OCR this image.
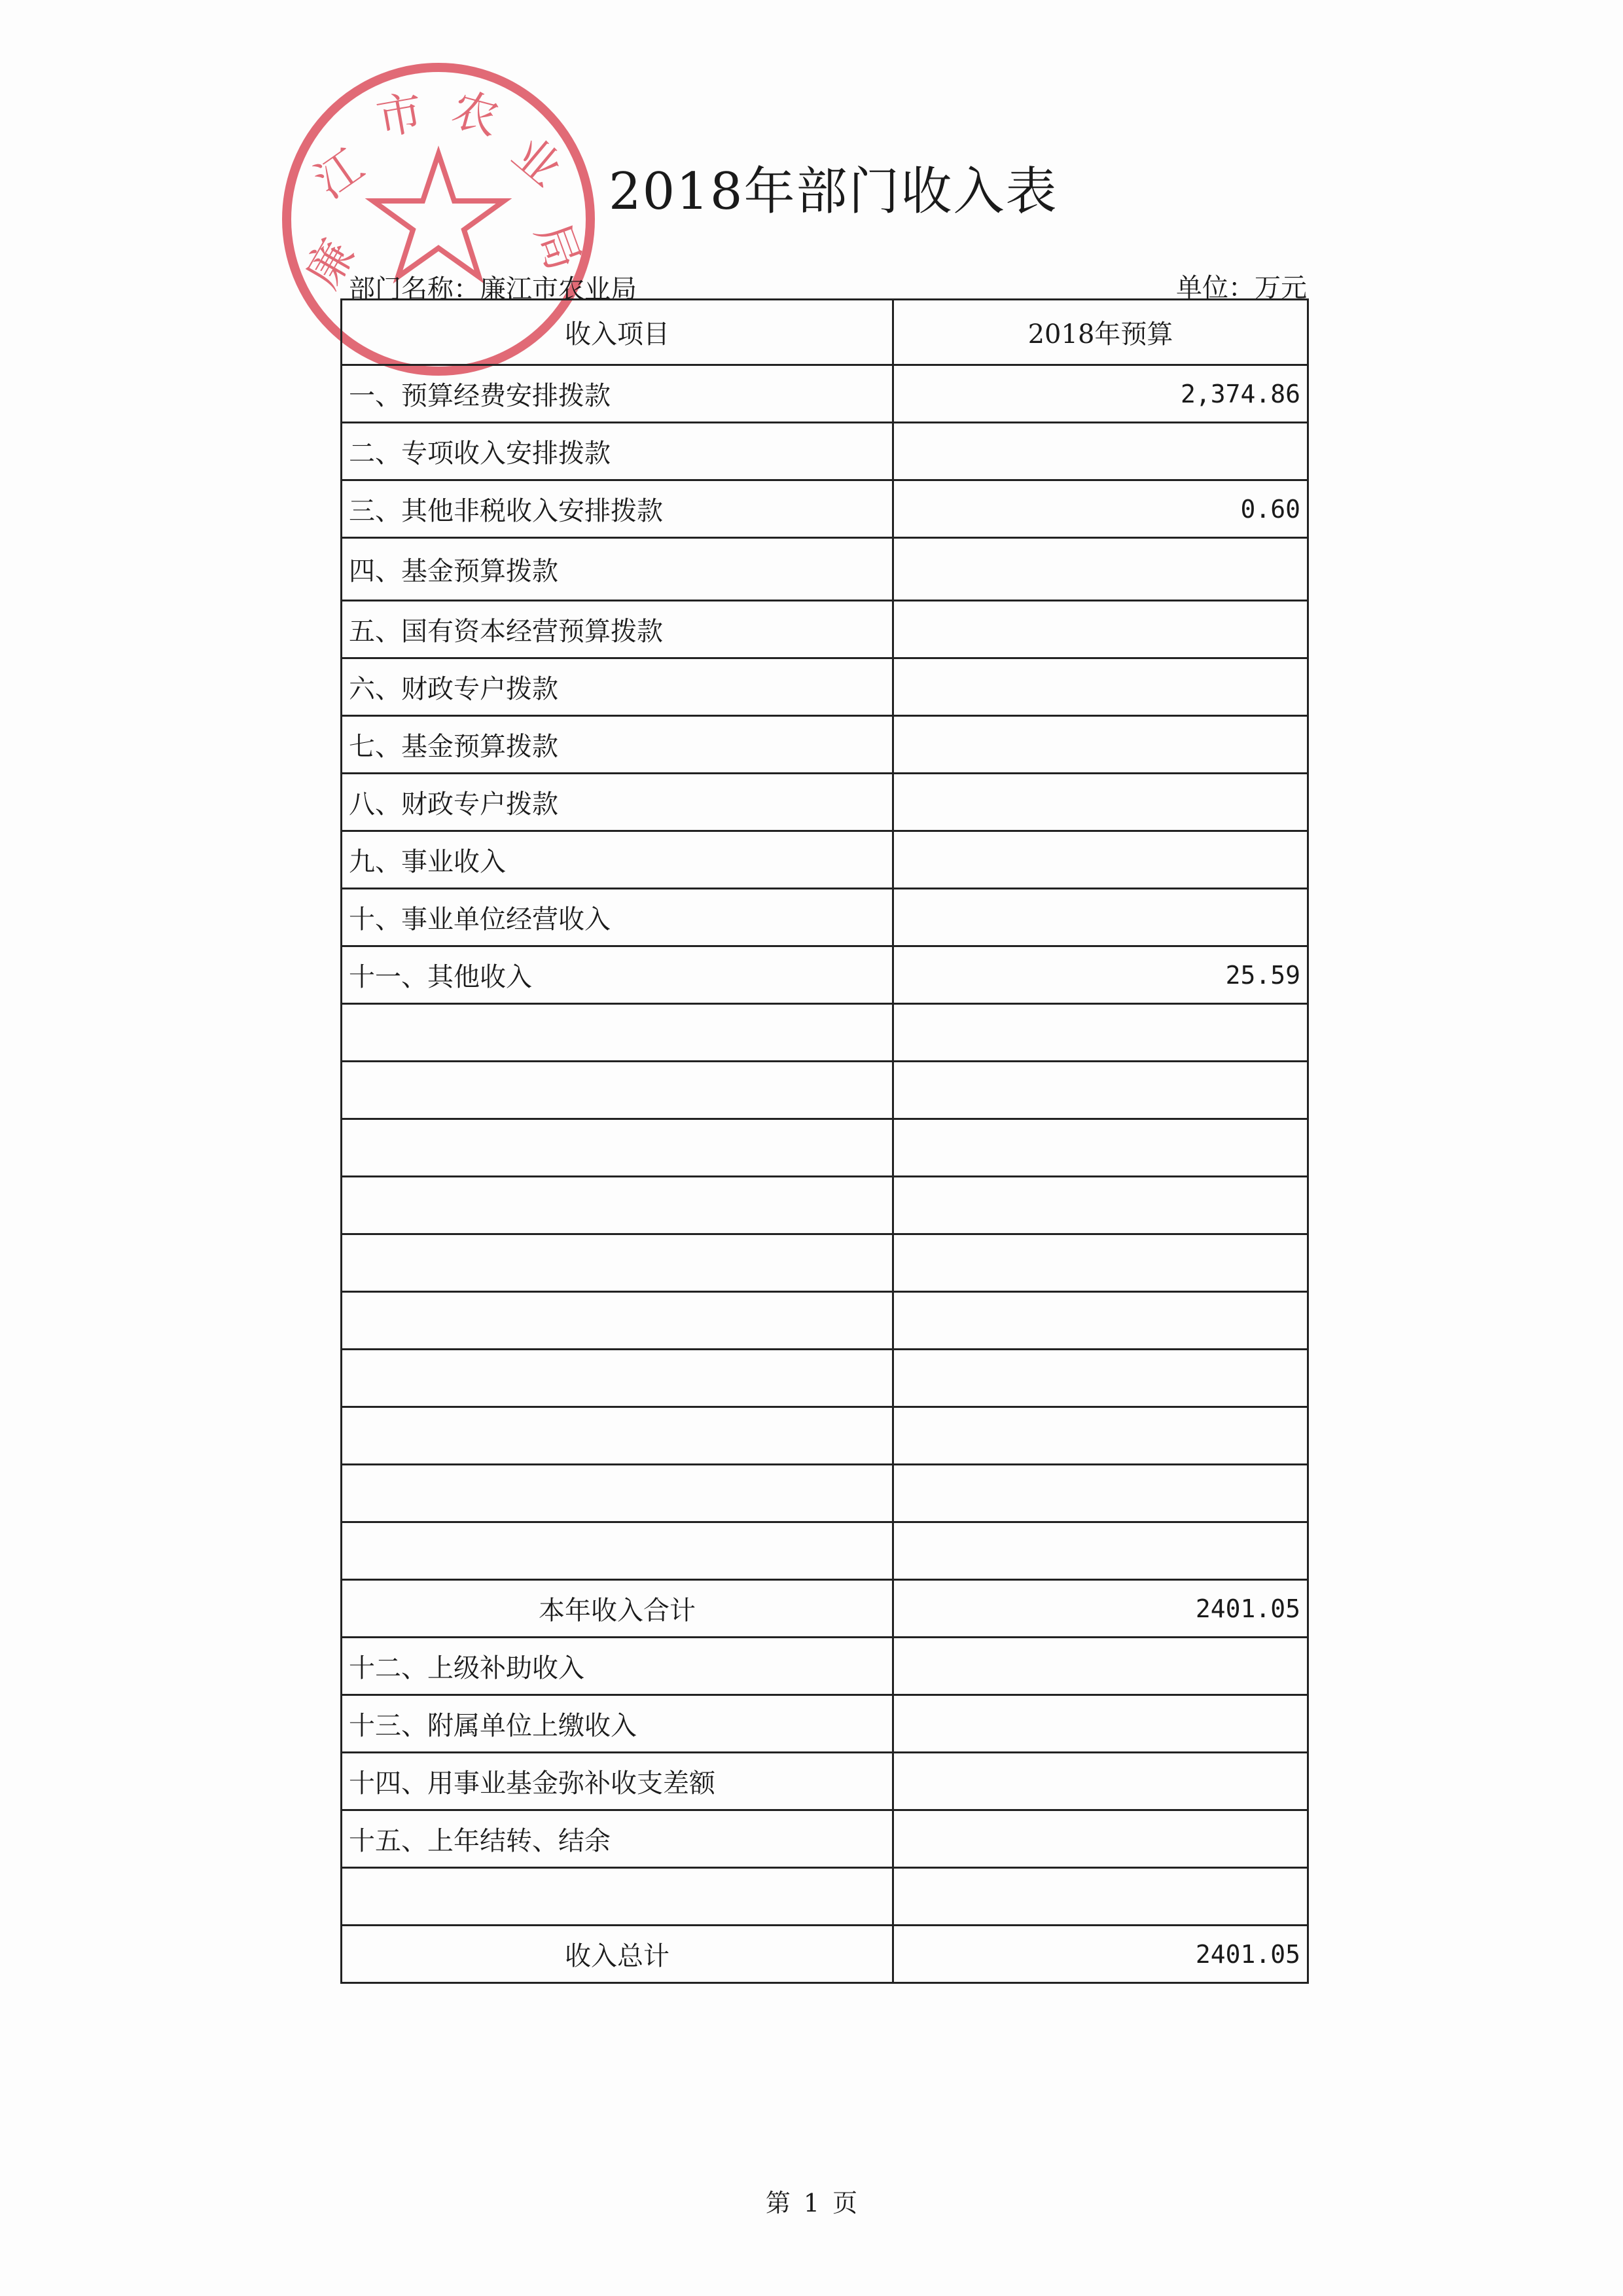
廉
江
市 农
业
局
2018年部门收入表
部门名称：廉江市农业局	单位：万元
收入项目	2018年预算
一、预算经费安排拨款	2,374.86
二、专项收入安排拨款	
三、其他非税收入安排拨款	0.60
四、基金预算拨款	
五、国有资本经营预算拨款	
六、财政专户拨款	
七、基金预算拨款	
八、财政专户拨款	
九、事业收入	
十、事业单位经营收入	
十一、其他收入	25.59

本年收入合计	2401.05
十二、上级补助收入	
十三、附属单位上缴收入	
十四、用事业基金弥补收支差额	
十五、上年结转、结余	

收入总计	2401.05
第 1 页
